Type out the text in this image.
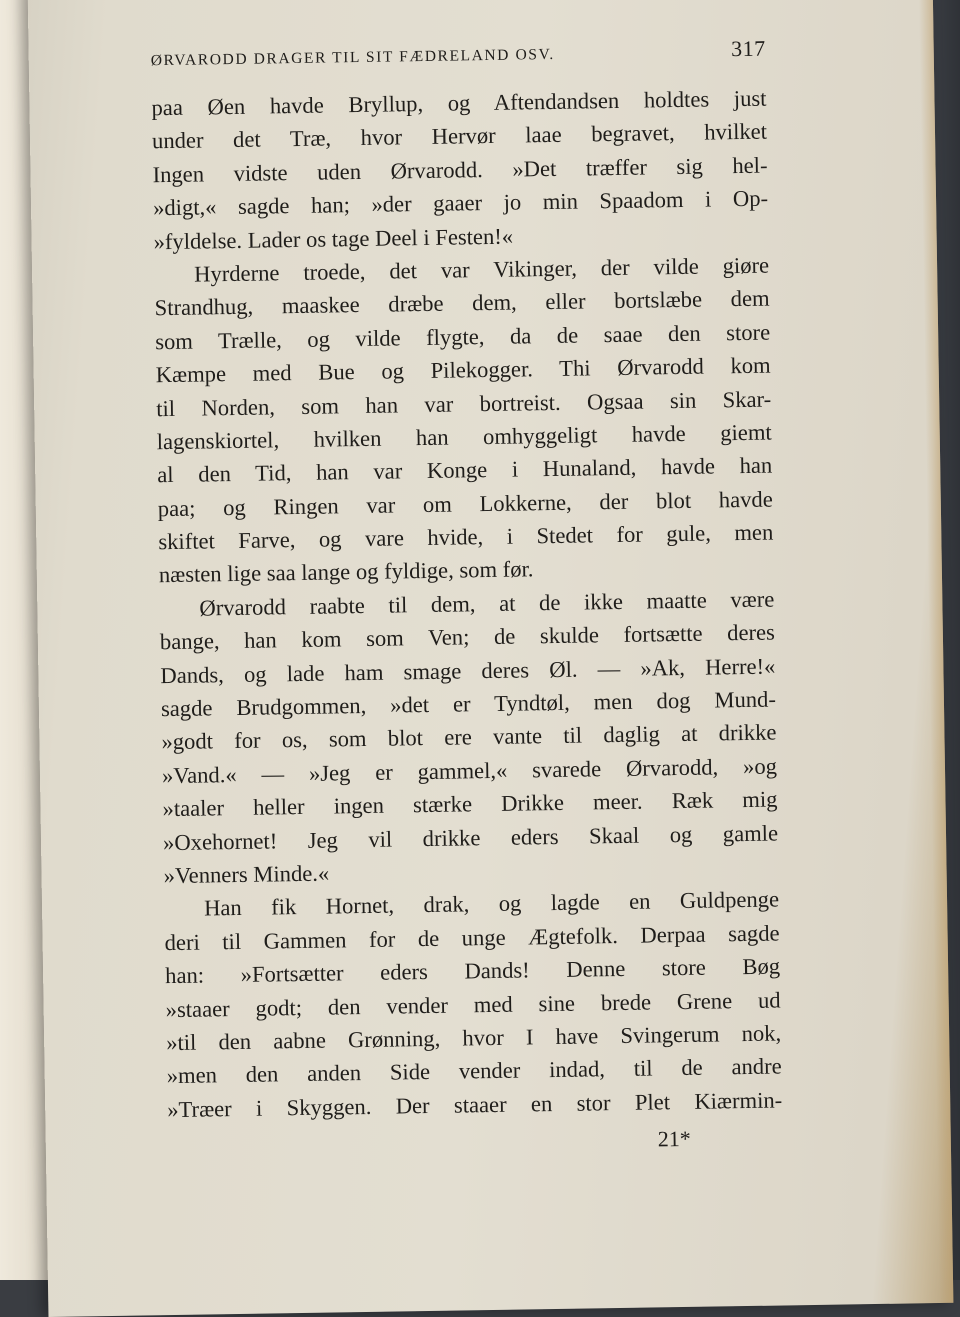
ØRVARODD DRAGER TIL SIT FÆDRELAND OSV.	317
paa Øen havde Bryllup, og Aftendandsen holdtes just
under det Træ, hvor Hervør laae begravet, hvilket
Ingen vidste uden Ørvarodd. »Det træffer sig hel-
»digt,« sagde han; »der gaaer jo min Spaadom i Op-
»fyldelse. Lader os tage Deel i Festen!«
Hyrderne troede, det var Vikinger, der vilde giøre
Strandhug, maaskee dræbe dem, eller bortslæbe dem
som Trælle, og vilde flygte, da de saae den store
Kæmpe med Bue og Pilekogger. Thi Ørvarodd kom
til Norden, som han var bortreist. Ogsaa sin Skar-
lagenskiortel, hvilken han omhyggeligt havde giemt
al den Tid, han var Konge i Hunaland, havde han
paa; og Ringen var om Lokkerne, der blot havde
skiftet Farve, og vare hvide, i Stedet for gule, men
næsten lige saa lange og fyldige, som før.
Ørvarodd raabte til dem, at de ikke maatte være
bange, han kom som Ven; de skulde fortsætte deres
Dands, og lade ham smage deres Øl. — »Ak, Herre!«
sagde Brudgommen, »det er Tyndtøl, men dog Mund-
»godt for os, som blot ere vante til daglig at drikke
»Vand.« — »Jeg er gammel,« svarede Ørvarodd, »og
»taaler heller ingen stærke Drikke meer. Ræk mig
»Oxehornet! Jeg vil drikke eders Skaal og gamle
»Venners Minde.«
Han fik Hornet, drak, og lagde en Guldpenge
deri til Gammen for de unge Ægtefolk. Derpaa sagde
han: »Fortsætter eders Dands! Denne store Bøg
»staaer godt; den vender med sine brede Grene ud
»til den aabne Grønning, hvor I have Svingerum nok,
»men den anden Side vender indad, til de andre
»Træer i Skyggen. Der staaer en stor Plet Kiærmin-
21*
